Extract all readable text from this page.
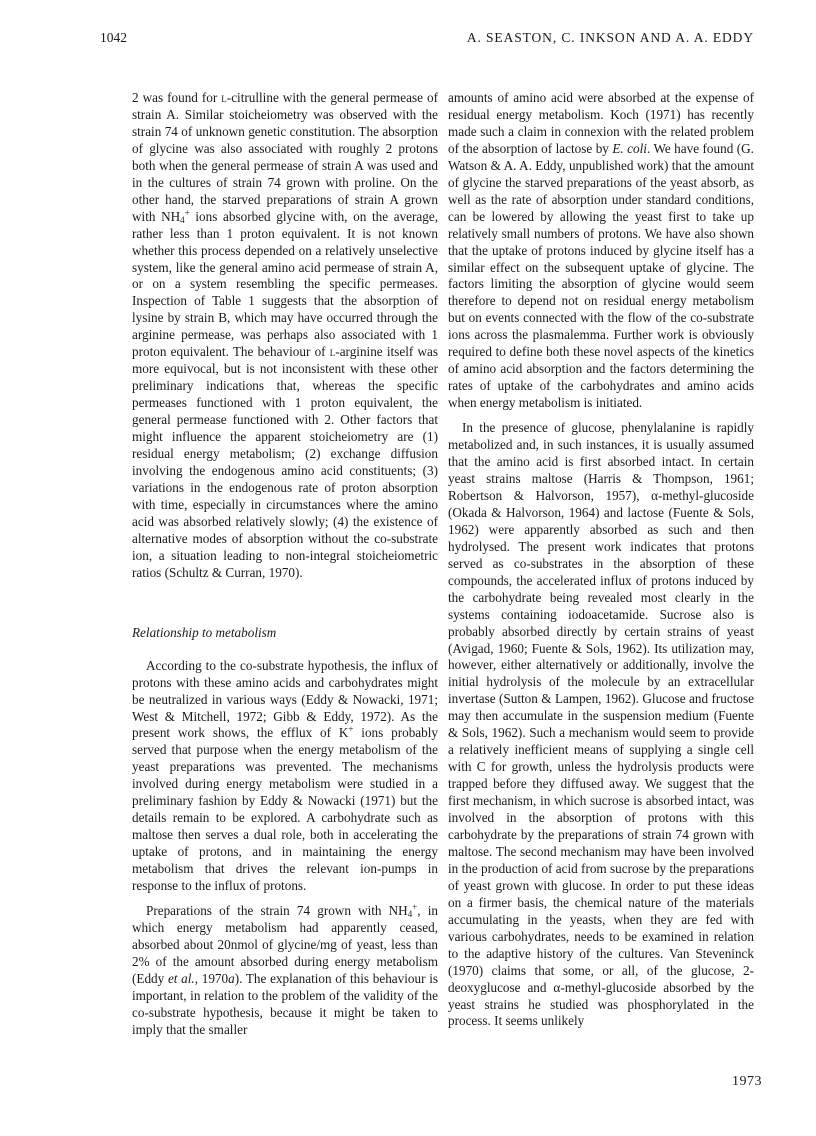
1042	A. SEASTON, C. INKSON AND A. A. EDDY

2 was found for l-citrulline with the general permease of strain A. Similar stoicheiometry was observed with the strain 74 of unknown genetic constitution. The absorption of glycine was also associated with roughly 2 protons both when the general permease of strain A was used and in the cultures of strain 74 grown with proline. On the other hand, the starved preparations of strain A grown with $NH_4^+$ ions absorbed glycine with, on the average, rather less than 1 proton equivalent. It is not known whether this process depended on a relatively unselective system, like the general amino acid permease of strain A, or on a system resembling the specific permeases. Inspection of Table 1 suggests that the absorption of lysine by strain B, which may have occurred through the arginine permease, was perhaps also associated with 1 proton equivalent. The behaviour of l-arginine itself was more equivocal, but is not inconsistent with these other preliminary indications that, whereas the specific permeases functioned with 1 proton equivalent, the general permease functioned with 2. Other factors that might influence the apparent stoicheiometry are (1) residual energy metabolism; (2) exchange diffusion involving the endogenous amino acid constituents; (3) variations in the endogenous rate of proton absorption with time, especially in circumstances where the amino acid was absorbed relatively slowly; (4) the existence of alternative modes of absorption without the co-substrate ion, a situation leading to non-integral stoicheiometric ratios (Schultz & Curran, 1970).

Relationship to metabolism

According to the co-substrate hypothesis, the influx of protons with these amino acids and carbohydrates might be neutralized in various ways (Eddy & Nowacki, 1971; West & Mitchell, 1972; Gibb & Eddy, 1972). As the present work shows, the efflux of K+ ions probably served that purpose when the energy metabolism of the yeast preparations was prevented. The mechanisms involved during energy metabolism were studied in a preliminary fashion by Eddy & Nowacki (1971) but the details remain to be explored. A carbohydrate such as maltose then serves a dual role, both in accelerating the uptake of protons, and in maintaining the energy metabolism that drives the relevant ion-pumps in response to the influx of protons.

Preparations of the strain 74 grown with $NH_4^+$, in which energy metabolism had apparently ceased, absorbed about 20nmol of glycine/mg of yeast, less than 2% of the amount absorbed during energy metabolism (Eddy et al., 1970a). The explanation of this behaviour is important, in relation to the problem of the validity of the co-substrate hypothesis, because it might be taken to imply that the smaller

amounts of amino acid were absorbed at the expense of residual energy metabolism. Koch (1971) has recently made such a claim in connexion with the related problem of the absorption of lactose by E. coli. We have found (G. Watson & A. A. Eddy, unpublished work) that the amount of glycine the starved preparations of the yeast absorb, as well as the rate of absorption under standard conditions, can be lowered by allowing the yeast first to take up relatively small numbers of protons. We have also shown that the uptake of protons induced by glycine itself has a similar effect on the subsequent uptake of glycine. The factors limiting the absorption of glycine would seem therefore to depend not on residual energy metabolism but on events connected with the flow of the co-substrate ions across the plasmalemma. Further work is obviously required to define both these novel aspects of the kinetics of amino acid absorption and the factors determining the rates of uptake of the carbohydrates and amino acids when energy metabolism is initiated.

In the presence of glucose, phenylalanine is rapidly metabolized and, in such instances, it is usually assumed that the amino acid is first absorbed intact. In certain yeast strains maltose (Harris & Thompson, 1961; Robertson & Halvorson, 1957), α-methyl-glucoside (Okada & Halvorson, 1964) and lactose (Fuente & Sols, 1962) were apparently absorbed as such and then hydrolysed. The present work indicates that protons served as co-substrates in the absorption of these compounds, the accelerated influx of protons induced by the carbohydrate being revealed most clearly in the systems containing iodoacetamide. Sucrose also is probably absorbed directly by certain strains of yeast (Avigad, 1960; Fuente & Sols, 1962). Its utilization may, however, either alternatively or additionally, involve the initial hydrolysis of the molecule by an extracellular invertase (Sutton & Lampen, 1962). Glucose and fructose may then accumulate in the suspension medium (Fuente & Sols, 1962). Such a mechanism would seem to provide a relatively inefficient means of supplying a single cell with C for growth, unless the hydrolysis products were trapped before they diffused away. We suggest that the first mechanism, in which sucrose is absorbed intact, was involved in the absorption of protons with this carbohydrate by the preparations of strain 74 grown with maltose. The second mechanism may have been involved in the production of acid from sucrose by the preparations of yeast grown with glucose. In order to put these ideas on a firmer basis, the chemical nature of the materials accumulating in the yeasts, when they are fed with various carbohydrates, needs to be examined in relation to the adaptive history of the cultures. Van Steveninck (1970) claims that some, or all, of the glucose, 2-deoxyglucose and α-methyl-glucoside absorbed by the yeast strains he studied was phosphorylated in the process. It seems unlikely

1973
